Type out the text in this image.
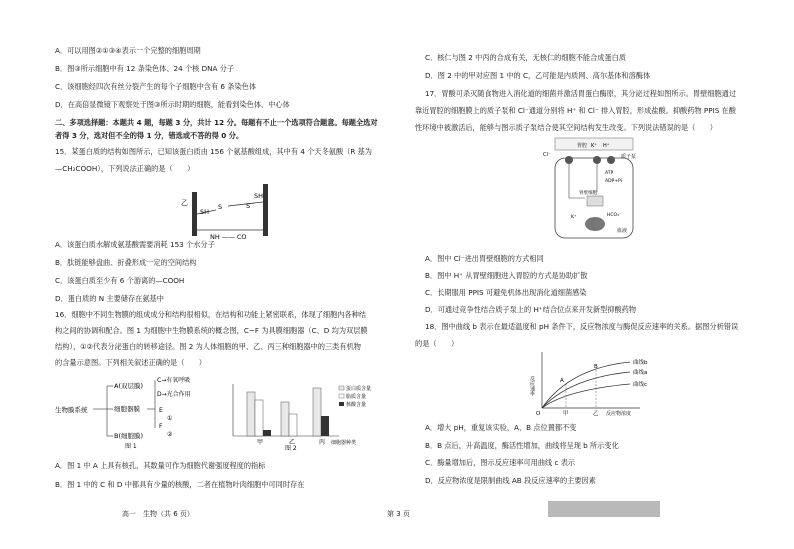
A．可以用图②①③④表示一个完整的细胞周期
B．图③所示细胞中有 12 条染色体、24 个核 DNA 分子
C．该细胞经四次有丝分裂产生的每个子细胞中含有 6 条染色体
D．在高倍显微镜下观察处于图③所示时期的细胞，能看到染色体、中心体
二、多项选择题：本题共 4 题，每题 3 分，共计 12 分。每题有不止一个选项符合题意。每题全选对
者得 3 分，选对但不全的得 1 分，错选或不答的得 0 分。
15．某蛋白质的结构如图所示，已知该蛋白质由 156 个氨基酸组成，其中有 4 个天冬氨酸（R 基为
—CH₂COOH），下列说法正确的是（　　）
乙
SH
S	S
SH
NH —— CO
A．该蛋白质水解成氨基酸需要消耗 153 个水分子
B．肽链能够盘曲、折叠形成一定的空间结构
C．该蛋白质至少有 6 个游离的—COOH
D．蛋白质的 N 主要储存在氨基中
16．细胞中不同生物膜的组成成分和结构很相似，在结构和功能上紧密联系，体现了细胞内各种结
构之间的协调和配合。图 1 为细胞中生物膜系统的概念图，C~F 为具膜细胞器（C、D 均为双层膜
结构），①②代表分泌蛋白的转移途径。图 2 为人体细胞的甲、乙、丙三种细胞器中的三类有机物
的含量示意图。下列相关叙述正确的是（　　）
生物膜系统
A(双层膜)
细胞器膜
B(细胞膜)
C→有氧呼吸
D→光合作用
E
F
①
②
图 1
甲	乙	丙 细胞器种类
蛋白质含量
脂质含量
核酸含量
图 2
A．图 1 中 A 上具有核孔，其数量可作为细胞代谢强度程度的指标
B．图 1 中的 C 和 D 中都具有少量的核酸，二者在植物叶肉细胞中可同时存在
高一　生物（共 6 页）
C．核仁与图 2 中丙的合成有关，无核仁的细胞不能合成蛋白质
D．图 2 中的甲对应图 1 中的 C，乙可能是内质网、高尔基体和溶酶体
17．胃酸可杀灭随食物进入消化道的细菌并激活胃蛋白酶原，其分泌过程如图所示。胃壁细胞通过
靠近胃腔的细胞膜上的质子泵和 Cl⁻通道分别将 H⁺ 和 Cl⁻ 排入胃腔，形成盐酸。抑酸药物 PPIS 在酸
性环境中被激活后，能够与图示质子泵结合使其空间结构发生改变。下列说法错误的是（　　）
Cl⁻
胃腔 K⁺ H⁺
质子泵
ATP
ADP+Pi
胃壁细胞
HCO₃⁻
K⁺
血液
A．图中 Cl⁻进出胃壁细胞的方式相同
B．图中 H⁺ 从胃壁细胞进入胃腔的方式是协助扩散
C．长期服用 PPIS 可避免机体出现消化道细菌感染
D．可通过竞争性结合质子泵上的 H⁺结合位点来开发新型抑酸药物
18．图中曲线 b 表示在最适温度和 pH 条件下，反应物浓度与酶促反应速率的关系。据图分析错误
的是（　　）
反应速率
曲线b
曲线a
曲线c
A
B
O	甲	乙 反应物浓度
A．增大 pH，重复该实验，A、B 点位置都不变
B．B 点后，升高温度，酶活性增加，曲线将呈现 b 所示变化
C．酶量增加后，图示反应速率可用曲线 c 表示
D．反应物浓度是限制曲线 AB 段反应速率的主要因素
第 3 页
